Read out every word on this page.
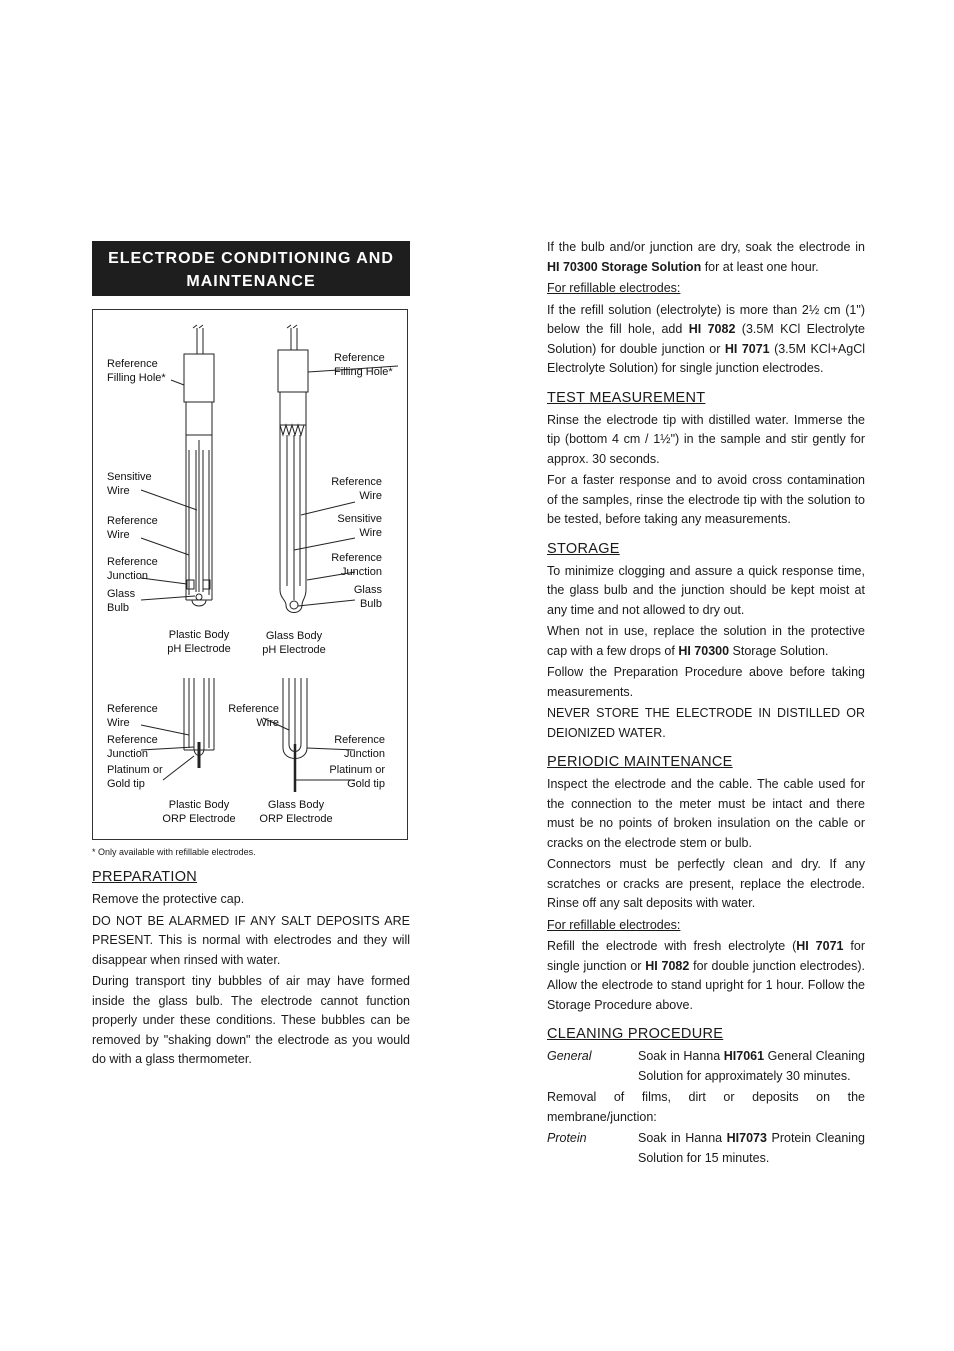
ELECTRODE CONDITIONING AND MAINTENANCE
Reference
Filling Hole*
Reference
Filling Hole*
Sensitive
Wire
Reference
Wire
Reference
Junction
Glass
Bulb
Reference
Wire
Sensitive
Wire
Reference
Junction
Glass
Bulb
Plastic Body
pH Electrode
Glass Body
pH Electrode
Reference
Wire
Reference
Junction
Platinum or
Gold tip
Reference
Wire
Reference
Junction
Platinum or
Gold tip
Plastic Body
ORP Electrode
Glass Body
ORP Electrode
* Only available with refillable electrodes.
PREPARATION

Remove the protective cap.

DO NOT BE ALARMED IF ANY SALT DEPOSITS ARE PRESENT. This is normal with electrodes and they will disappear when rinsed with water.

During transport tiny bubbles of air may have formed inside the glass bulb. The electrode cannot function properly under these conditions. These bubbles can be removed by "shaking down" the electrode as you would do with a glass thermometer.

If the bulb and/or junction are dry, soak the electrode in HI 70300 Storage Solution for at least one hour.

For refillable electrodes:

If the refill solution (electrolyte) is more than 2½ cm (1") below the fill hole, add HI 7082 (3.5M KCl Electrolyte Solution) for double junction or HI 7071 (3.5M KCl+AgCl Electrolyte Solution) for single junction electrodes.

TEST MEASUREMENT

Rinse the electrode tip with distilled water. Immerse the tip (bottom 4 cm / 1½") in the sample and stir gently for approx. 30 seconds.

For a faster response and to avoid cross contamination of the samples, rinse the electrode tip with the solution to be tested, before taking any measurements.

STORAGE

To minimize clogging and assure a quick response time, the glass bulb and the junction should be kept moist at any time and not allowed to dry out.

When not in use, replace the solution in the protective cap with a few drops of HI 70300 Storage Solution.

Follow the Preparation Procedure above before taking measurements.

NEVER STORE THE ELECTRODE IN DISTILLED OR DEIONIZED WATER.

PERIODIC MAINTENANCE

Inspect the electrode and the cable. The cable used for the connection to the meter must be intact and there must be no points of broken insulation on the cable or cracks on the electrode stem or bulb.

Connectors must be perfectly clean and dry. If any scratches or cracks are present, replace the electrode. Rinse off any salt deposits with water.

For refillable electrodes:

Refill the electrode with fresh electrolyte (HI 7071 for single junction or HI 7082 for double junction electrodes). Allow the electrode to stand upright for 1 hour. Follow the Storage Procedure above.

CLEANING PROCEDURE
General	Soak in Hanna HI7061 General Cleaning Solution for approximately 30 minutes.

Removal of films, dirt or deposits on the membrane/junction:

Protein	Soak in Hanna HI7073 Protein Cleaning Solution for 15 minutes.
